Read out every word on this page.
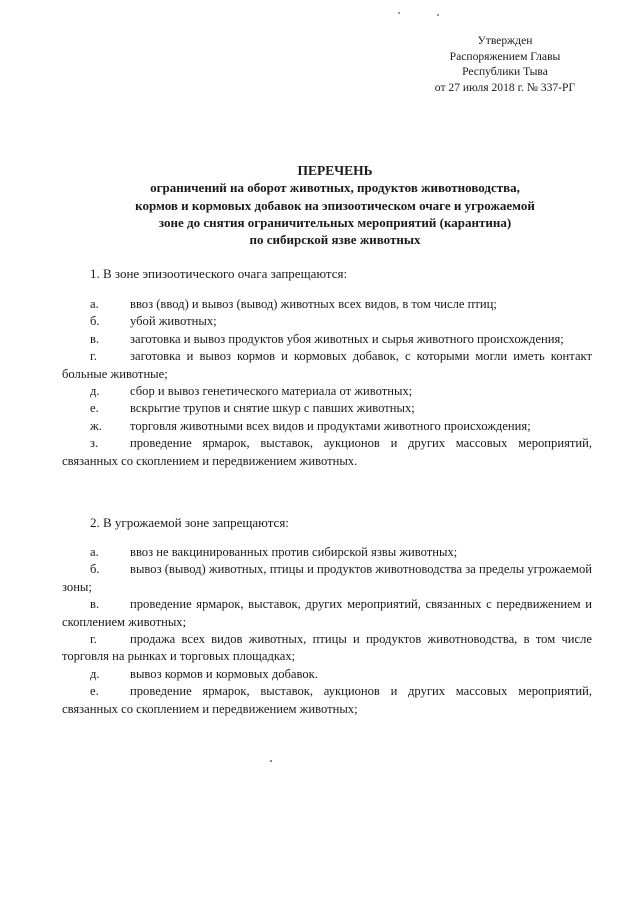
Утвержден
Распоряжением Главы
Республики Тыва
от 27 июля 2018 г. № 337-РГ
ПЕРЕЧЕНЬ
ограничений на оборот животных, продуктов животноводства,
кормов и кормовых добавок на эпизоотическом очаге и угрожаемой
зоне до снятия ограничительных мероприятий (карантина)
по сибирской язве животных
1. В зоне эпизоотического очага запрещаются:
а. ввоз (ввод) и вывоз (вывод) животных всех видов, в том числе птиц;
б. убой животных;
в. заготовка и вывоз продуктов убоя животных и сырья животного происхождения;
г.	заготовка и вывоз кормов и кормовых добавок, с которыми могли иметь контакт больные животные;
д. сбор и вывоз генетического материала от животных;
е. вскрытие трупов и снятие шкур с павших животных;
ж. торговля животными всех видов и продуктами животного происхождения;
з.	проведение ярмарок, выставок, аукционов и других массовых мероприятий, связанных со скоплением и передвижением животных.
2. В угрожаемой зоне запрещаются:
а. ввоз не вакцинированных против сибирской язвы животных;
б. вывоз (вывод) животных, птицы и продуктов животноводства за пределы угрожаемой зоны;
в. проведение ярмарок, выставок, других мероприятий, связанных с передвижением и скоплением животных;
г.	продажа всех видов животных, птицы и продуктов животноводства, в том числе торговля на рынках и торговых площадках;
д. вывоз кормов и кормовых добавок.
е. проведение ярмарок, выставок, аукционов и других массовых мероприятий, связанных со скоплением и передвижением животных;
